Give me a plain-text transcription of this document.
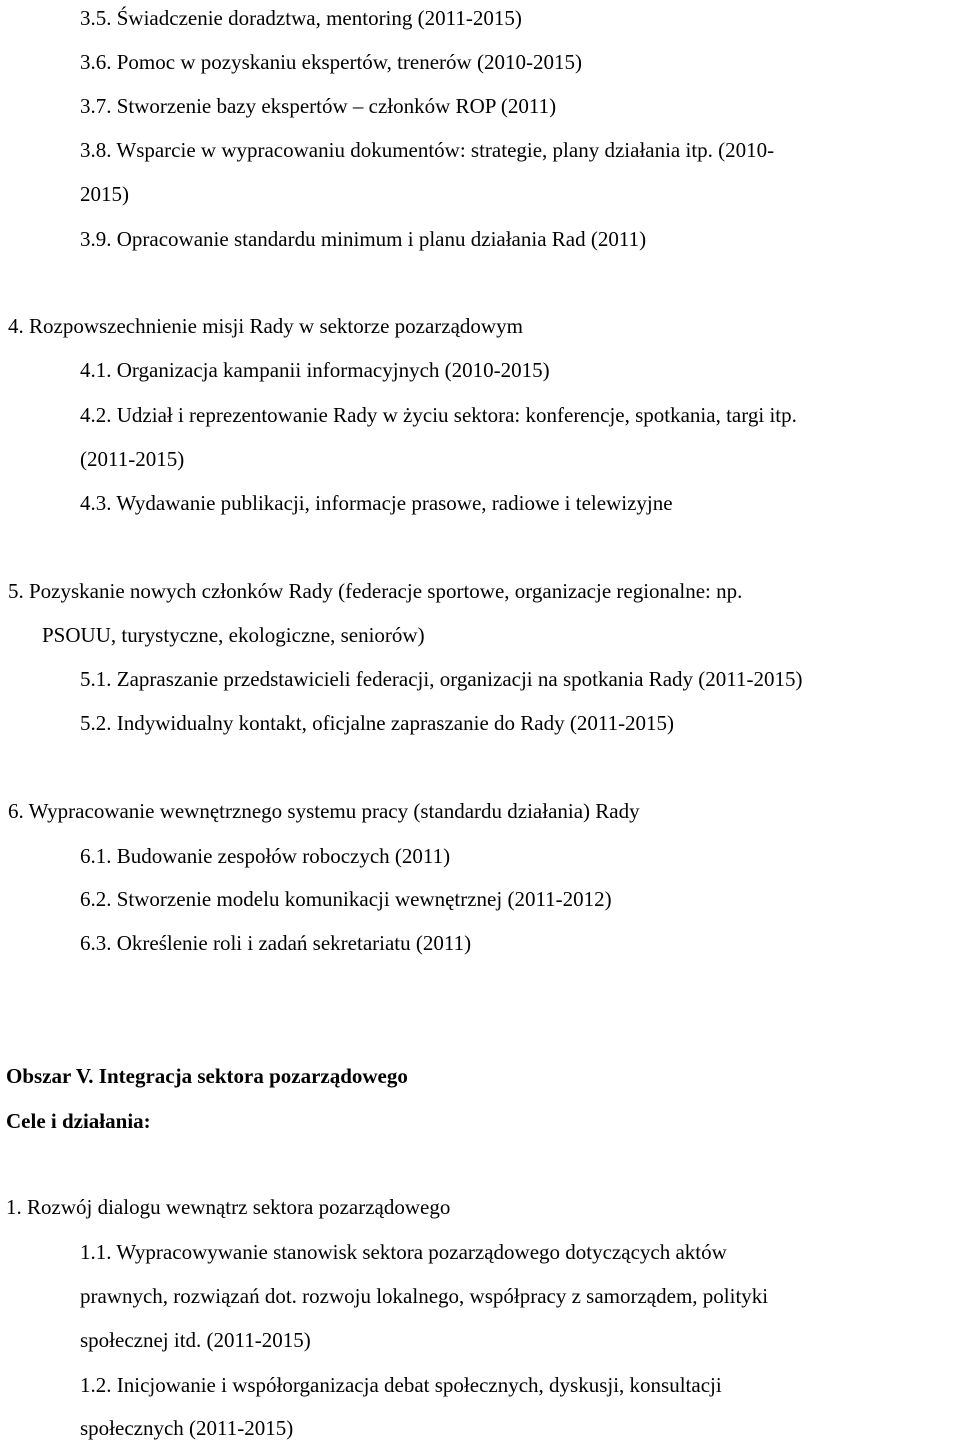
3.5. Świadczenie doradztwa, mentoring (2011-2015)
3.6. Pomoc w pozyskaniu ekspertów, trenerów (2010-2015)
3.7. Stworzenie bazy ekspertów – członków ROP (2011)
3.8. Wsparcie w wypracowaniu dokumentów: strategie, plany działania itp. (2010-
2015)
3.9. Opracowanie standardu minimum i planu działania Rad (2011)
4. Rozpowszechnienie misji Rady w sektorze pozarządowym
4.1. Organizacja kampanii informacyjnych (2010-2015)
4.2. Udział i reprezentowanie Rady w życiu sektora: konferencje, spotkania, targi itp.
(2011-2015)
4.3. Wydawanie publikacji, informacje prasowe, radiowe i telewizyjne
5. Pozyskanie nowych członków Rady (federacje sportowe, organizacje regionalne: np.
PSOUU, turystyczne, ekologiczne, seniorów)
5.1. Zapraszanie przedstawicieli federacji, organizacji na spotkania Rady (2011-2015)
5.2. Indywidualny kontakt, oficjalne zapraszanie do Rady (2011-2015)
6. Wypracowanie wewnętrznego systemu pracy (standardu działania) Rady
6.1. Budowanie zespołów roboczych (2011)
6.2. Stworzenie modelu komunikacji wewnętrznej (2011-2012)
6.3. Określenie roli i zadań sekretariatu (2011)
Obszar V. Integracja sektora pozarządowego
Cele i działania:
1. Rozwój dialogu wewnątrz sektora pozarządowego
1.1. Wypracowywanie stanowisk sektora pozarządowego dotyczących aktów
prawnych, rozwiązań dot. rozwoju lokalnego, współpracy z samorządem, polityki
społecznej itd. (2011-2015)
1.2. Inicjowanie i współorganizacja debat społecznych, dyskusji, konsultacji
społecznych (2011-2015)
